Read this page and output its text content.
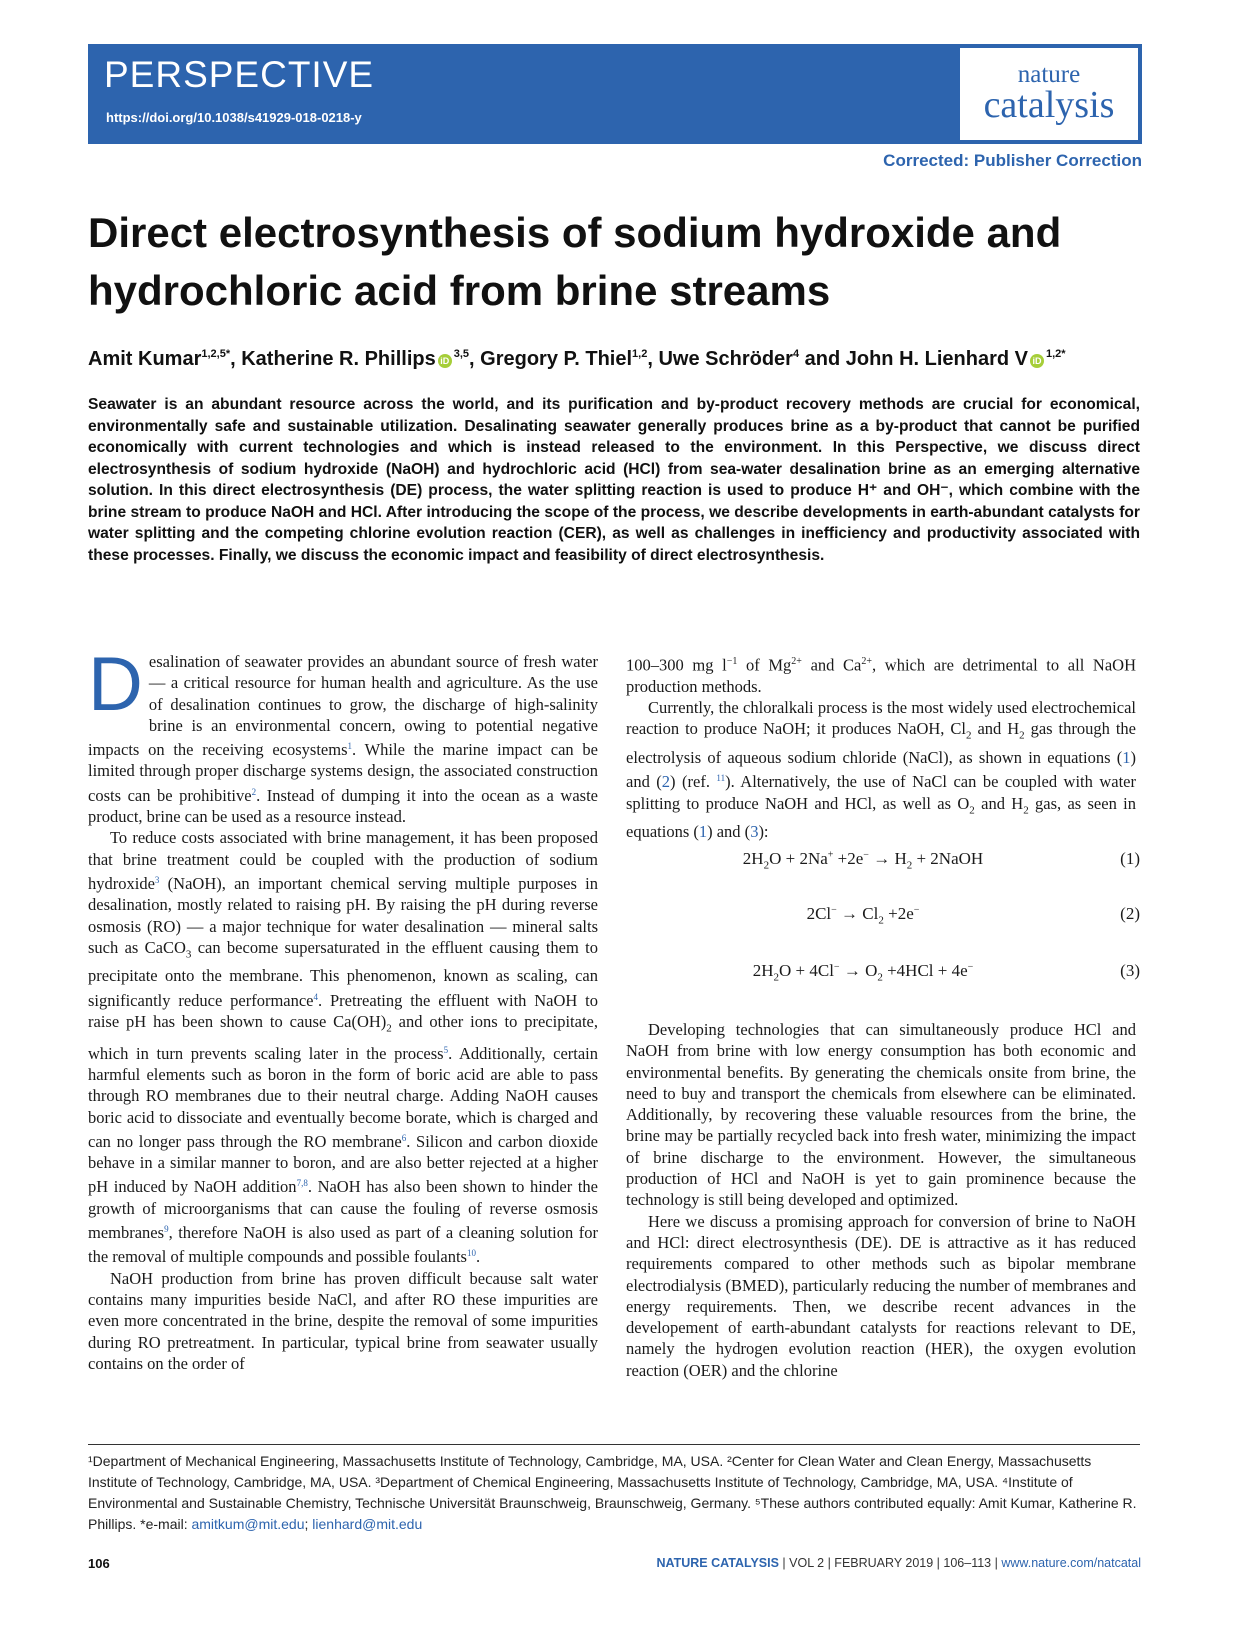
PERSPECTIVE
https://doi.org/10.1038/s41929-018-0218-y
nature
catalysis
Corrected: Publisher Correction
Direct electrosynthesis of sodium hydroxide and hydrochloric acid from brine streams
Amit Kumar$^{1,2,5*}$, Katherine R. Phillips iD$^{3,5}$, Gregory P. Thiel$^{1,2}$, Uwe Schröder$^4$ and John H. Lienhard V $iD^{1,2*}$
Seawater is an abundant resource across the world, and its purification and by-product recovery methods are crucial for economical, environmentally safe and sustainable utilization. Desalinating seawater generally produces brine as a by-product that cannot be purified economically with current technologies and which is instead released to the environment. In this Perspective, we discuss direct electrosynthesis of sodium hydroxide (NaOH) and hydrochloric acid (HCl) from sea-water desalination brine as an emerging alternative solution. In this direct electrosynthesis (DE) process, the water splitting reaction is used to produce H⁺ and OH⁻, which combine with the brine stream to produce NaOH and HCl. After introducing the scope of the process, we describe developments in earth-abundant catalysts for water splitting and the competing chlorine evolution reaction (CER), as well as challenges in inefficiency and productivity associated with these processes. Finally, we discuss the economic impact and feasibility of direct electrosynthesis.

Desalination of seawater provides an abundant source of fresh water — a critical resource for human health and agriculture. As the use of desalination continues to grow, the discharge of high-salinity brine is an environmental concern, owing to potential negative impacts on the receiving ecosystems$^1$. While the marine impact can be limited through proper discharge systems design, the associated construction costs can be prohibitive$^2$. Instead of dumping it into the ocean as a waste product, brine can be used as a resource instead.

To reduce costs associated with brine management, it has been proposed that brine treatment could be coupled with the production of sodium hydroxide$^3$ (NaOH), an important chemical serving multiple purposes in desalination, mostly related to raising pH. By raising the pH during reverse osmosis (RO) — a major technique for water desalination — mineral salts such as CaCO$_3$ can become supersaturated in the effluent causing them to precipitate onto the membrane. This phenomenon, known as scaling, can significantly reduce performance$^4$. Pretreating the effluent with NaOH to raise pH has been shown to cause $Ca(OH)_2$ and other ions to precipitate, which in turn prevents scaling later in the process$^5$. Additionally, certain harmful elements such as boron in the form of boric acid are able to pass through RO membranes due to their neutral charge. Adding NaOH causes boric acid to dissociate and eventually become borate, which is charged and can no longer pass through the RO membrane$^6$. Silicon and carbon dioxide behave in a similar manner to boron, and are also better rejected at a higher pH induced by NaOH addition$^{7,8}$. NaOH has also been shown to hinder the growth of microorganisms that can cause the fouling of reverse osmosis membranes$^9$, therefore NaOH is also used as part of a cleaning solution for the removal of multiple compounds and possible foulants$^{10}$.

NaOH production from brine has proven difficult because salt water contains many impurities beside NaCl, and after RO these impurities are even more concentrated in the brine, despite the removal of some impurities during RO pretreatment. In particular, typical brine from seawater usually contains on the order of

100–300 mg $l^{-1}$ of $Mg^{2+}$ and $Ca^{2+}$, which are detrimental to all NaOH production methods.

Currently, the chloralkali process is the most widely used electrochemical reaction to produce NaOH; it produces NaOH, $Cl_2$ and $H_2$ gas through the electrolysis of aqueous sodium chloride (NaCl), as shown in equations (1) and (2) (ref. $^{11}$). Alternatively, the use of NaCl can be coupled with water splitting to produce NaOH and HCl, as well as $O_2$ and $H_2$ gas, as seen in equations (1) and (3):

$2H_2O + 2Na^+ +2e^- \to H_2$ + 2NaOH	(1)
$2Cl^- \to Cl_2 +2e^-$	(2)
$2H_2O + 4Cl^- \to O_2 +4HCl + 4e^-$	(3)

Developing technologies that can simultaneously produce HCl and NaOH from brine with low energy consumption has both economic and environmental benefits. By generating the chemicals onsite from brine, the need to buy and transport the chemicals from elsewhere can be eliminated. Additionally, by recovering these valuable resources from the brine, the brine may be partially recycled back into fresh water, minimizing the impact of brine discharge to the environment. However, the simultaneous production of HCl and NaOH is yet to gain prominence because the technology is still being developed and optimized.

Here we discuss a promising approach for conversion of brine to NaOH and HCl: direct electrosynthesis (DE). DE is attractive as it has reduced requirements compared to other methods such as bipolar membrane electrodialysis (BMED), particularly reducing the number of membranes and energy requirements. Then, we describe recent advances in the developement of earth-abundant catalysts for reactions relevant to DE, namely the hydrogen evolution reaction (HER), the oxygen evolution reaction (OER) and the chlorine

¹Department of Mechanical Engineering, Massachusetts Institute of Technology, Cambridge, MA, USA. ²Center for Clean Water and Clean Energy, Massachusetts Institute of Technology, Cambridge, MA, USA. ³Department of Chemical Engineering, Massachusetts Institute of Technology, Cambridge, MA, USA. ⁴Institute of Environmental and Sustainable Chemistry, Technische Universität Braunschweig, Braunschweig, Germany. ⁵These authors contributed equally: Amit Kumar, Katherine R. Phillips. *e-mail: amitkum@mit.edu; lienhard@mit.edu
106	NATURE CATALYSIS | VOL 2 | FEBRUARY 2019 | 106–113 | www.nature.com/natcatal
